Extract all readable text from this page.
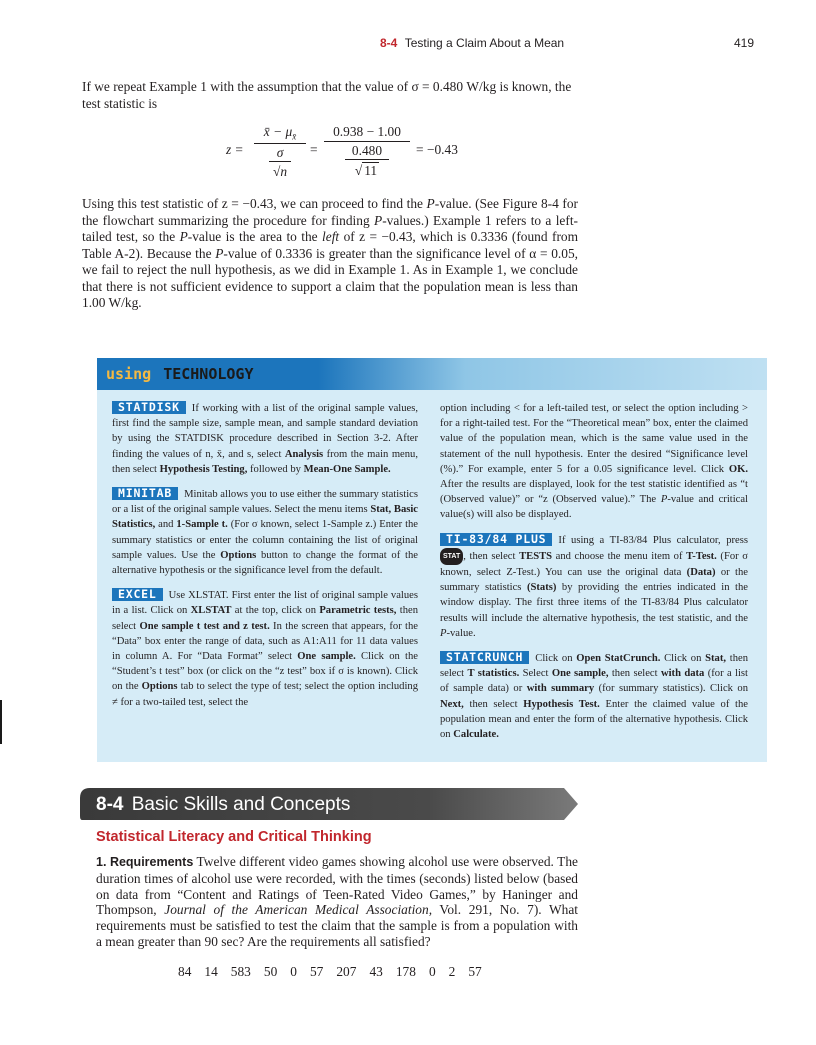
8-4 Testing a Claim About a Mean	419

If we repeat Example 1 with the assumption that the value of σ = 0.480 W/kg is known, the test statistic is

z =
x̄ − $\mu_{x̄}$
σ
√n
=
0.938 − 1.00
0.480
√ 11
= −0.43

Using this test statistic of z = −0.43, we can proceed to find the P-value. (See Figure 8-4 for the flowchart summarizing the procedure for finding P-values.) Example 1 refers to a left-tailed test, so the P-value is the area to the left of z = −0.43, which is 0.3336 (found from Table A-2). Because the P-value of 0.3336 is greater than the significance level of α = 0.05, we fail to reject the null hypothesis, as we did in Example 1. As in Example 1, we conclude that there is not sufficient evidence to support a claim that the population mean is less than 1.00 W/kg.

using TECHNOLOGY

STATDISK If working with a list of the original sample values, first find the sample size, sample mean, and sample standard deviation by using the STATDISK procedure described in Section 3-2. After finding the values of n, x̄, and s, select Analysis from the main menu, then select Hypothesis Testing, followed by Mean-One Sample.

MINITAB Minitab allows you to use either the summary statistics or a list of the original sample values. Select the menu items Stat, Basic Statistics, and 1-Sample t. (For σ known, select 1-Sample z.) Enter the summary statistics or enter the column containing the list of original sample values. Use the Options button to change the format of the alternative hypothesis or the significance level from the default.

EXCEL Use XLSTAT. First enter the list of original sample values in a list. Click on XLSTAT at the top, click on Parametric tests, then select One sample t test and z test. In the screen that appears, for the “Data” box enter the range of data, such as A1:A11 for 11 data values in column A. For “Data Format” select One sample. Click on the “Student’s t test” box (or click on the “z test” box if σ is known). Click on the Options tab to select the type of test; select the option including ≠ for a two-tailed test, select the

option including < for a left-tailed test, or select the option including > for a right-tailed test. For the “Theoretical mean” box, enter the claimed value of the population mean, which is the same value used in the statement of the null hypothesis. Enter the desired “Significance level (%).” For example, enter 5 for a 0.05 significance level. Click OK. After the results are displayed, look for the test statistic identified as “t (Observed value)” or “z (Observed value).” The P-value and critical value(s) will also be displayed.

TI-83/84 PLUS If using a TI-83/84 Plus calculator, press STAT , then select TESTS and choose the menu item of T-Test. (For σ known, select Z-Test.) You can use the original data (Data) or the summary statistics (Stats) by providing the entries indicated in the window display. The first three items of the TI-83/84 Plus calculator results will include the alternative hypothesis, the test statistic, and the P-value.

STATCRUNCH Click on Open StatCrunch. Click on Stat, then select T statistics. Select One sample, then select with data (for a list of sample data) or with summary (for summary statistics). Click on Next, then select Hypothesis Test. Enter the claimed value of the population mean and enter the form of the alternative hypothesis. Click on Calculate.

8-4 Basic Skills and Concepts
Statistical Literacy and Critical Thinking

1. Requirements Twelve different video games showing alcohol use were observed. The duration times of alcohol use were recorded, with the times (seconds) listed below (based on data from “Content and Ratings of Teen-Rated Video Games,” by Haninger and Thompson, Journal of the American Medical Association, Vol. 291, No. 7). What requirements must be satisfied to test the claim that the sample is from a population with a mean greater than 90 sec? Are the requirements all satisfied?

84 14 583 50 0 57 207 43 178 0 2 57
